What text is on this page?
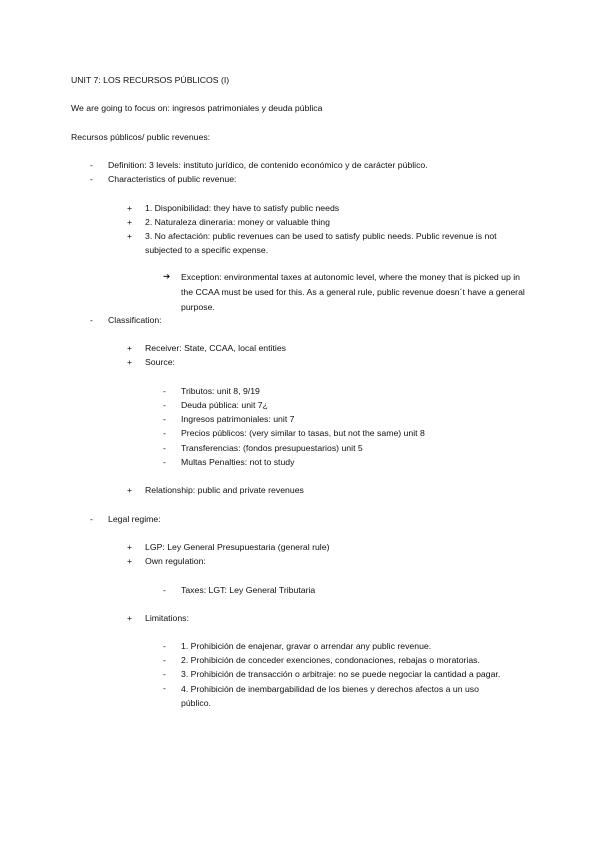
UNIT 7: LOS RECURSOS PÚBLICOS (I)
We are going to focus on: ingresos patrimoniales y deuda pública
Recursos públicos/ public revenues:
- Definition: 3 levels: instituto jurídico, de contenido económico y de carácter público.
- Characteristics of public revenue:
+ 1. Disponibilidad: they have to satisfy public needs
+ 2. Naturaleza dineraria: money or valuable thing
+ 3. No afectación: public revenues can be used to satisfy public needs. Public revenue is not subjected to a specific expense.
➔ Exception: environmental taxes at autonomic level, where the money that is picked up in the CCAA must be used for this. As a general rule, public revenue doesn´t have a general purpose.
- Classification:
+ Receiver: State, CCAA, local entities
+ Source:
- Tributos: unit 8, 9/19
- Deuda pública: unit 7¿
- Ingresos patrimoniales: unit 7
- Precios públicos: (very similar to tasas, but not the same) unit 8
- Transferencias: (fondos presupuestarios) unit 5
- Multas Penalties: not to study
+ Relationship: public and private revenues
- Legal regime:
+ LGP: Ley General Presupuestaria (general rule)
+ Own regulation:
- Taxes: LGT: Ley General Tributaria
+ Limitations:
- 1. Prohibición de enajenar, gravar o arrendar any public revenue.
- 2. Prohibición de conceder exenciones, condonaciones, rebajas o moratorias.
- 3. Prohibición de transacción o arbitraje: no se puede negociar la cantidad a pagar.
- 4. Prohibición de inembargabilidad de los bienes y derechos afectos a un uso público.
